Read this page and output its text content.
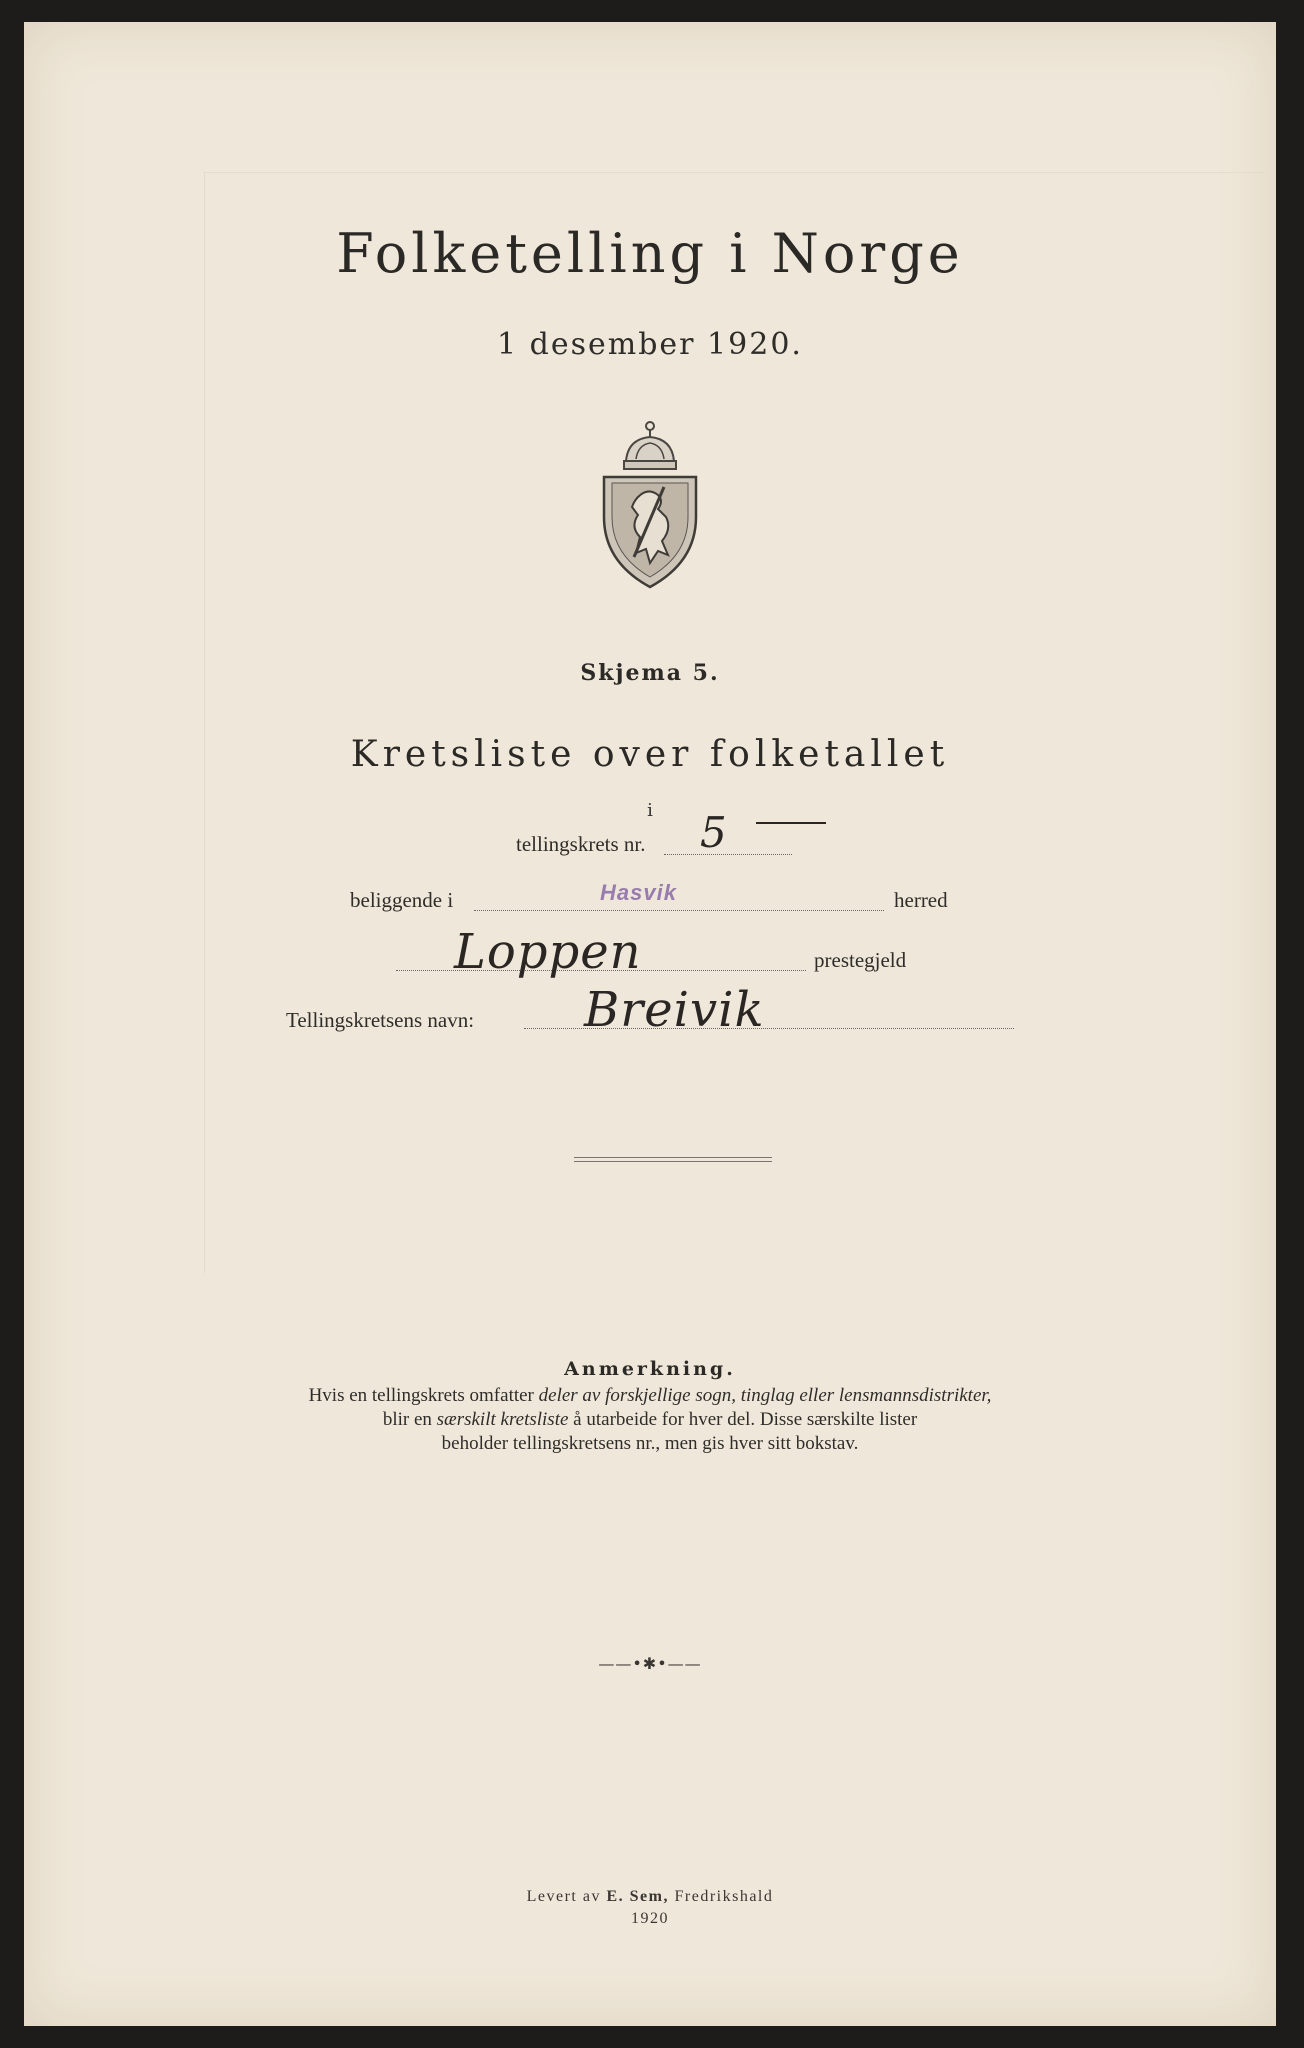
Folketelling i Norge
1 desember 1920.
Skjema 5.
Kretsliste over folketallet
i
tellingskrets nr. 5
beliggende i	Hasvik	herred
Loppen	prestegjeld
Tellingskretsens navn: Breivik
Anmerkning.
Hvis en tellingskrets omfatter deler av forskjellige sogn, tinglag eller lensmannsdistrikter,
blir en særskilt kretsliste å utarbeide for hver del. Disse særskilte lister
beholder tellingskretsens nr., men gis hver sitt bokstav.
——•✱•——
Levert av E. Sem, Fredrikshald
1920
